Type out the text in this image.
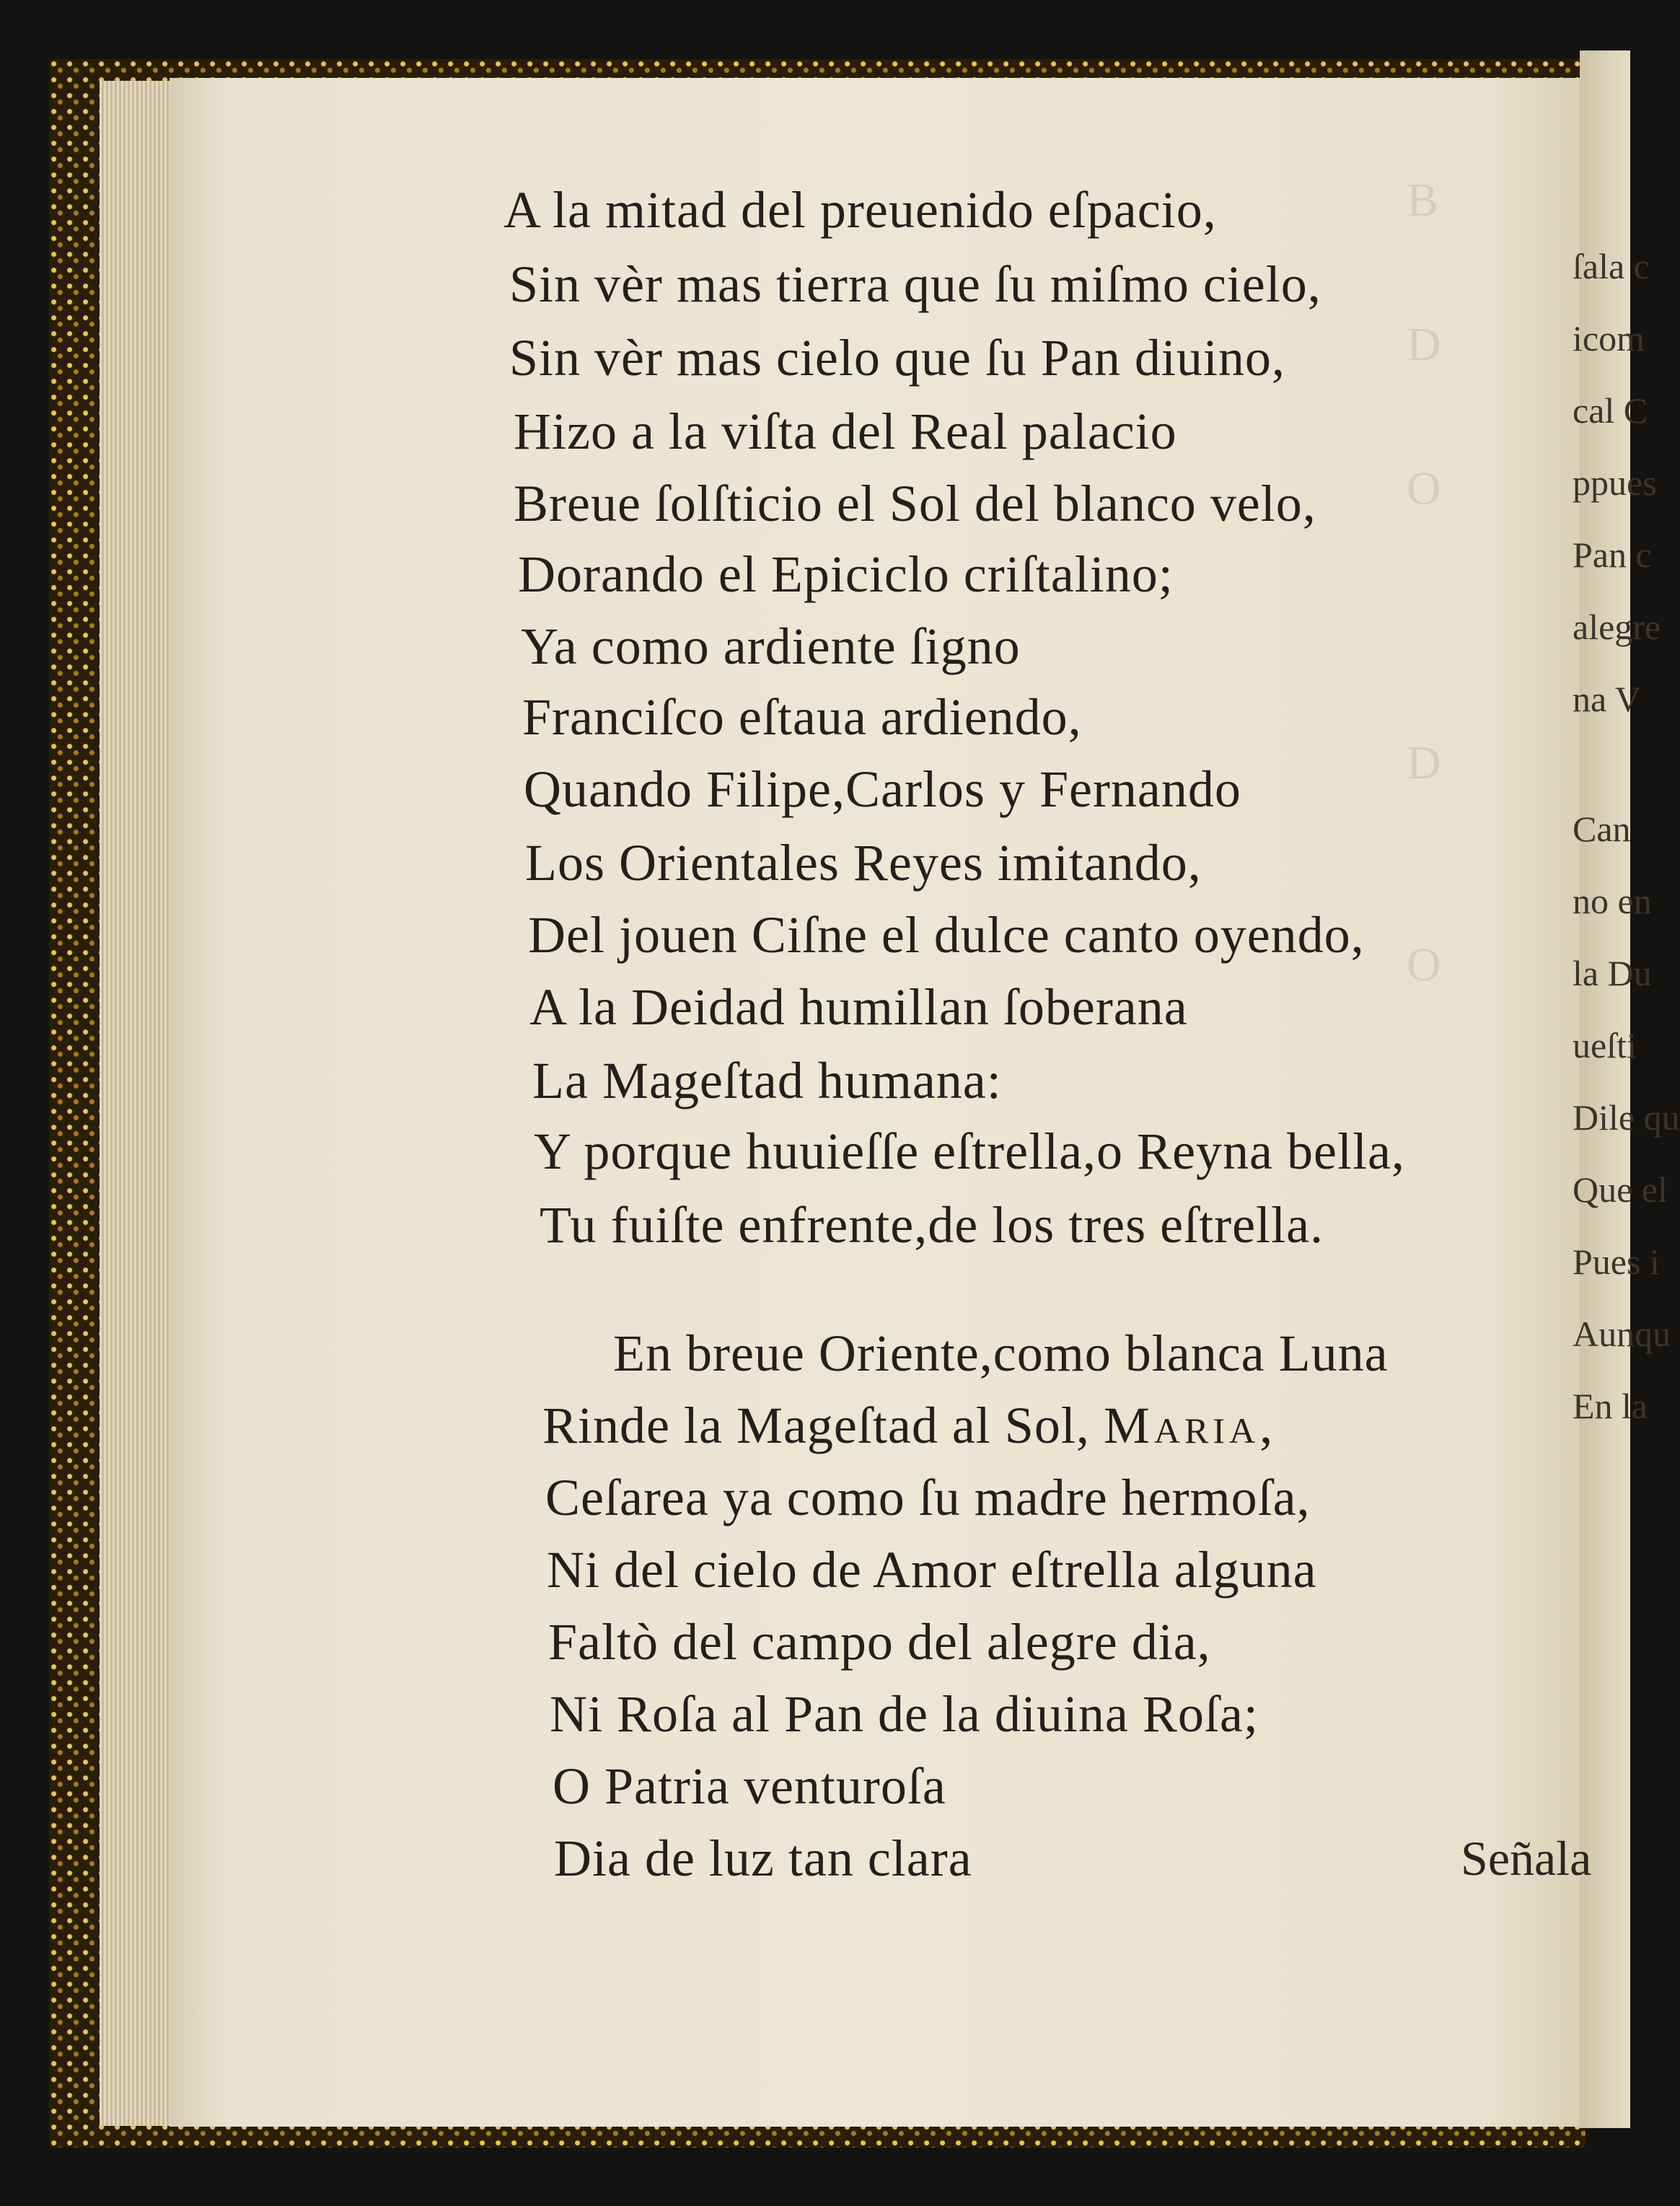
B
D
O
D
O
A la mitad del preuenido eſpacio,
Sin vèr mas tierra que ſu miſmo cielo,
Sin vèr mas cielo que ſu Pan diuino,
Hizo a la viſta del Real palacio
Breue ſolſticio el Sol del blanco velo,
Dorando el Epiciclo criſtalino;
Ya como ardiente ſigno
Franciſco eſtaua ardiendo,
Quando Filipe,Carlos y Fernando
Los Orientales Reyes imitando,
Del jouen Ciſne el dulce canto oyendo,
A la Deidad humillan ſoberana
La Mageſtad humana:
Y porque huuieſſe eſtrella,o Reyna bella,
Tu fuiſte enfrente,de los tres eſtrella.
En breue Oriente,como blanca Luna
Rinde la Mageſtad al Sol, Maria,
Ceſarea ya como ſu madre hermoſa,
Ni del cielo de Amor eſtrella alguna
Faltò del campo del alegre dia,
Ni Roſa al Pan de la diuina Roſa;
O Patria venturoſa
Dia de luz tan clara	Señala
ſala c
icom
cal C
ppues
Pan c
alegre
na V
Can
no en
la Du
ueſti
Dile qu
Que el
Pues i
Aunqu
En la
